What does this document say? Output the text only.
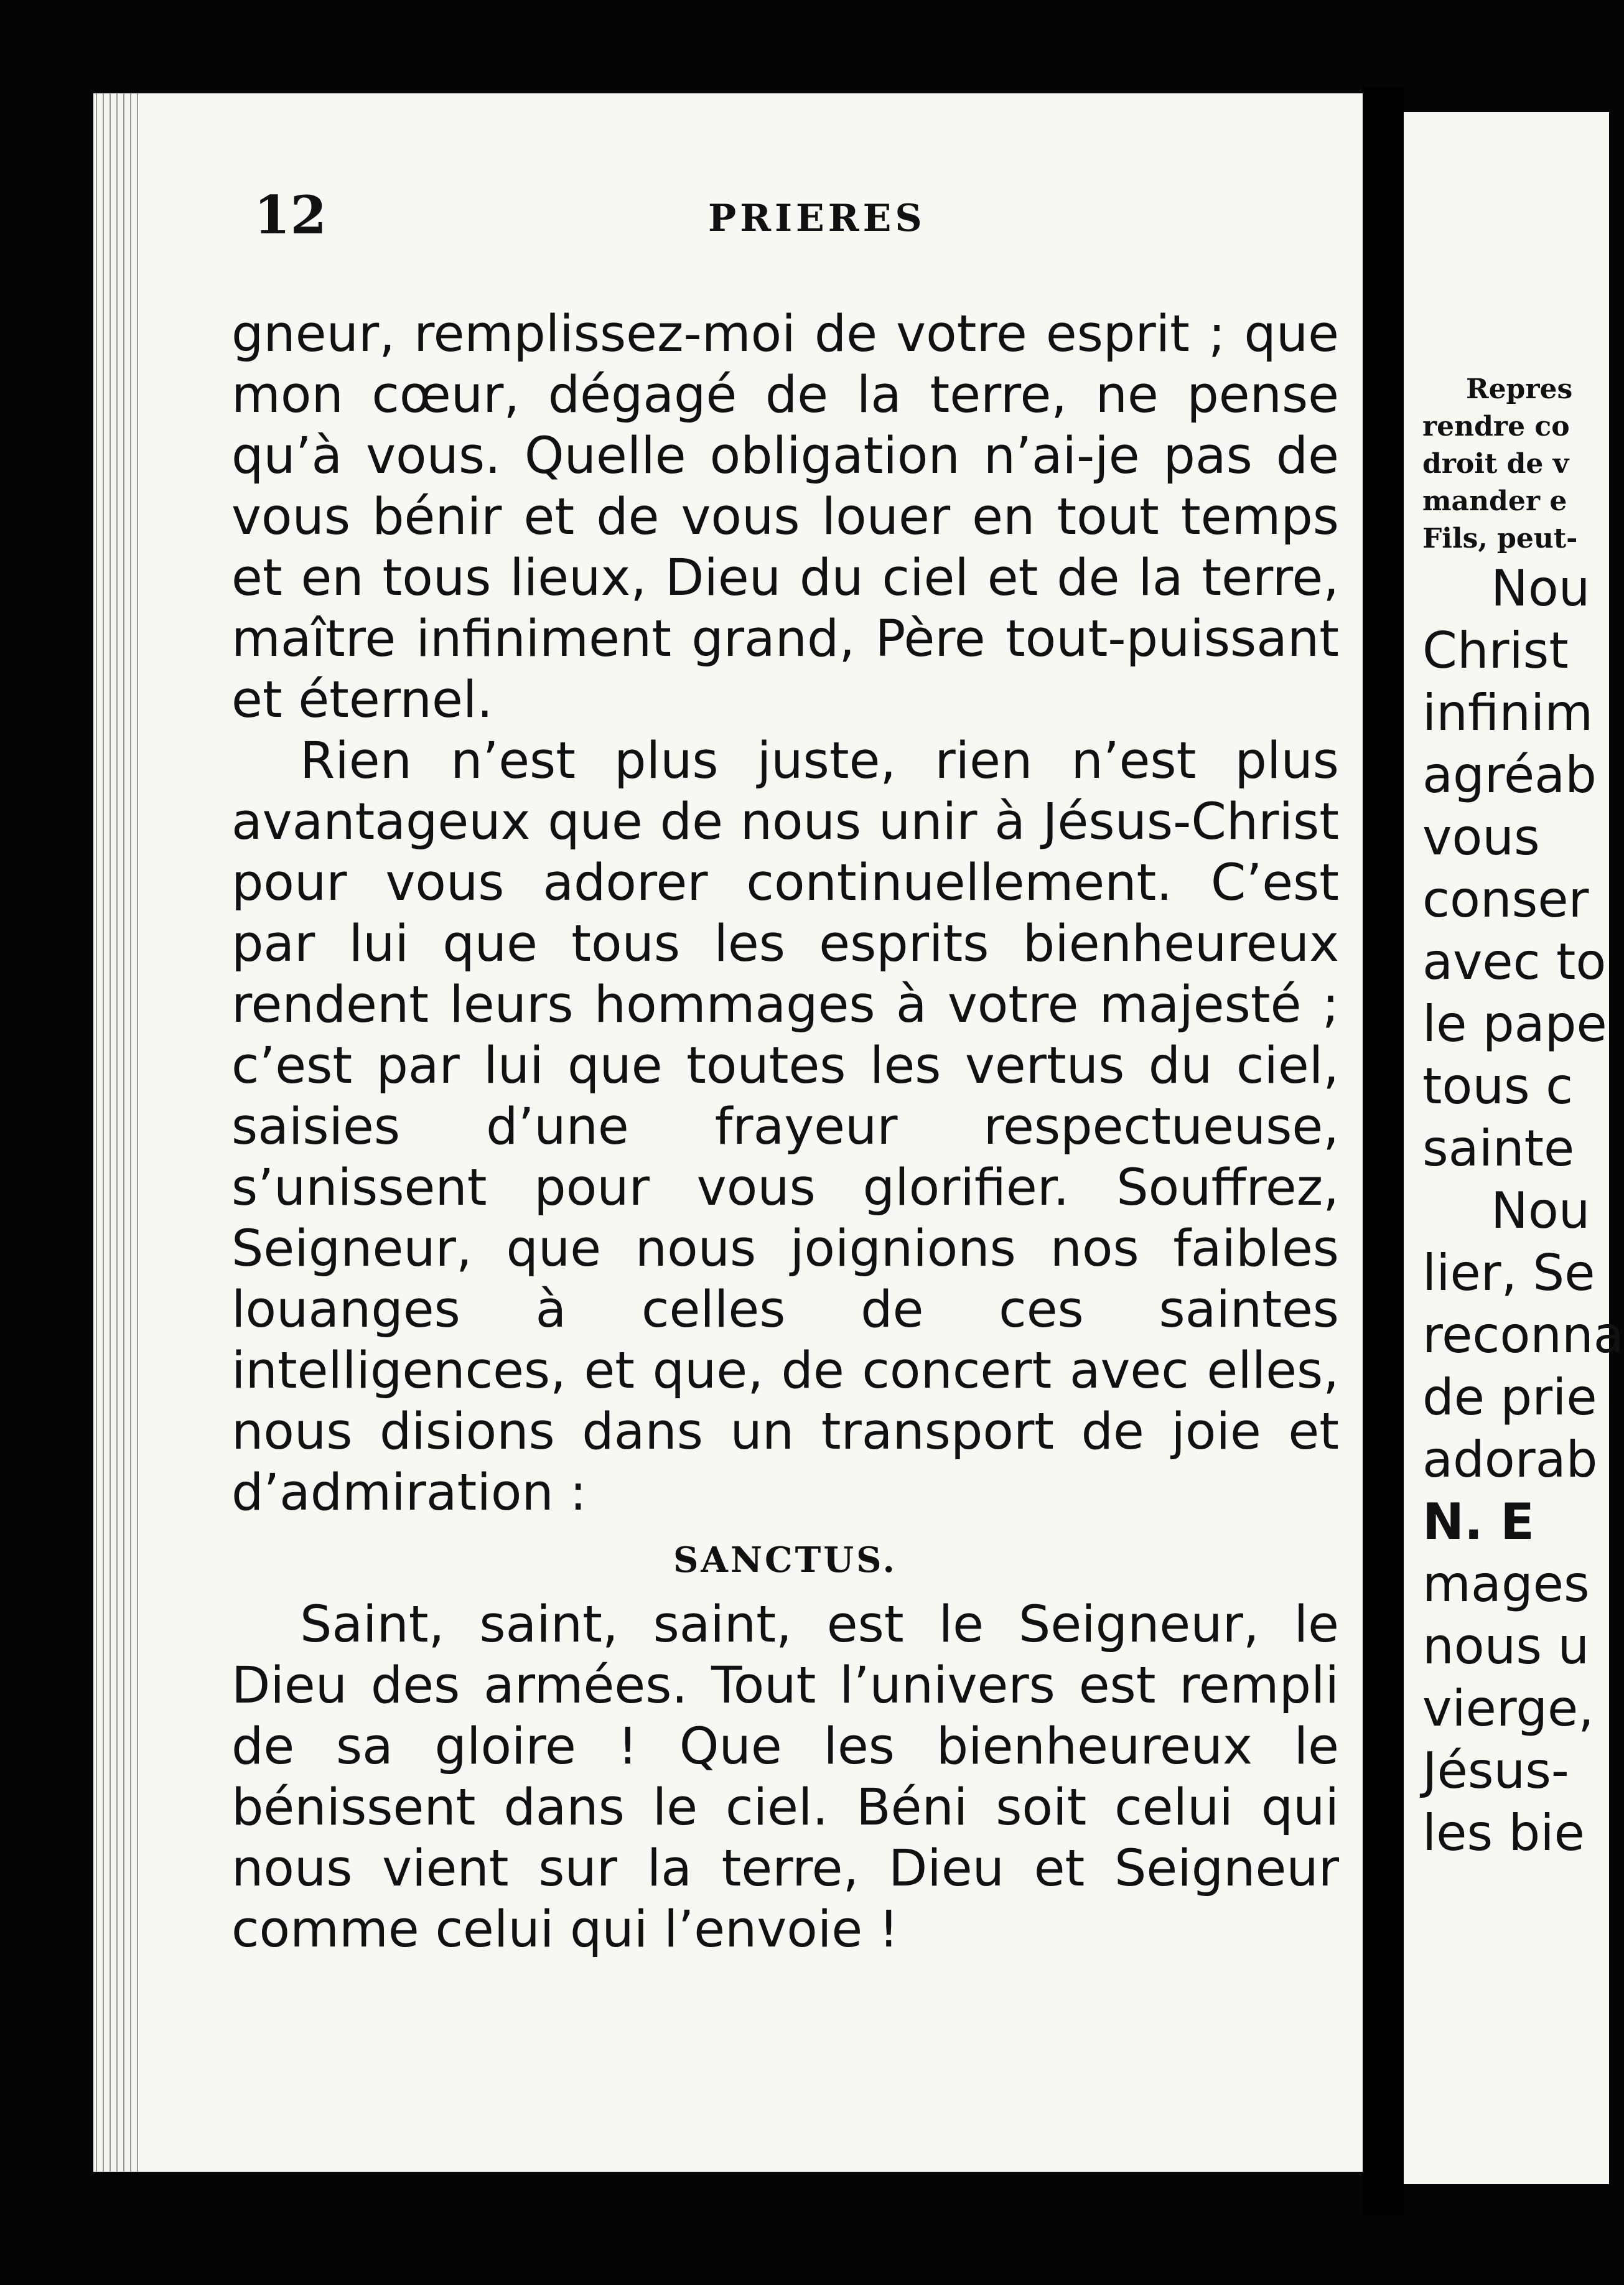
12	PRIERES

gneur, remplissez-moi de votre esprit ; que mon cœur, dégagé de la terre, ne pense qu’à vous. Quelle obligation n’ai-je pas de vous bénir et de vous louer en tout temps et en tous lieux, Dieu du ciel et de la terre, maître infiniment grand, Père tout-puissant et éternel.

Rien n’est plus juste, rien n’est plus avantageux que de nous unir à Jésus-Christ pour vous adorer continuellement. C’est par lui que tous les esprits bienheureux rendent leurs hommages à votre majesté ; c’est par lui que toutes les vertus du ciel, saisies d’une frayeur respectueuse, s’unissent pour vous glorifier. Souffrez, Seigneur, que nous joignions nos faibles louanges à celles de ces saintes intelligences, et que, de concert avec elles, nous disions dans un transport de joie et d’admiration :

SANCTUS.

Saint, saint, saint, est le Seigneur, le Dieu des armées. Tout l’univers est rempli de sa gloire ! Que les bienheureux le bénissent dans le ciel. Béni soit celui qui nous vient sur la terre, Dieu et Seigneur comme celui qui l’envoie !

Repres
rendre co
droit de v
mander e
Fils, peut-
Nou
Christ
infinim
agréab
vous
conser
avec to
le pape
tous c
sainte
Nou
lier, Se
reconna
de prie
adorab
N. E
mages
nous u
vierge,
Jésus-
les bie
